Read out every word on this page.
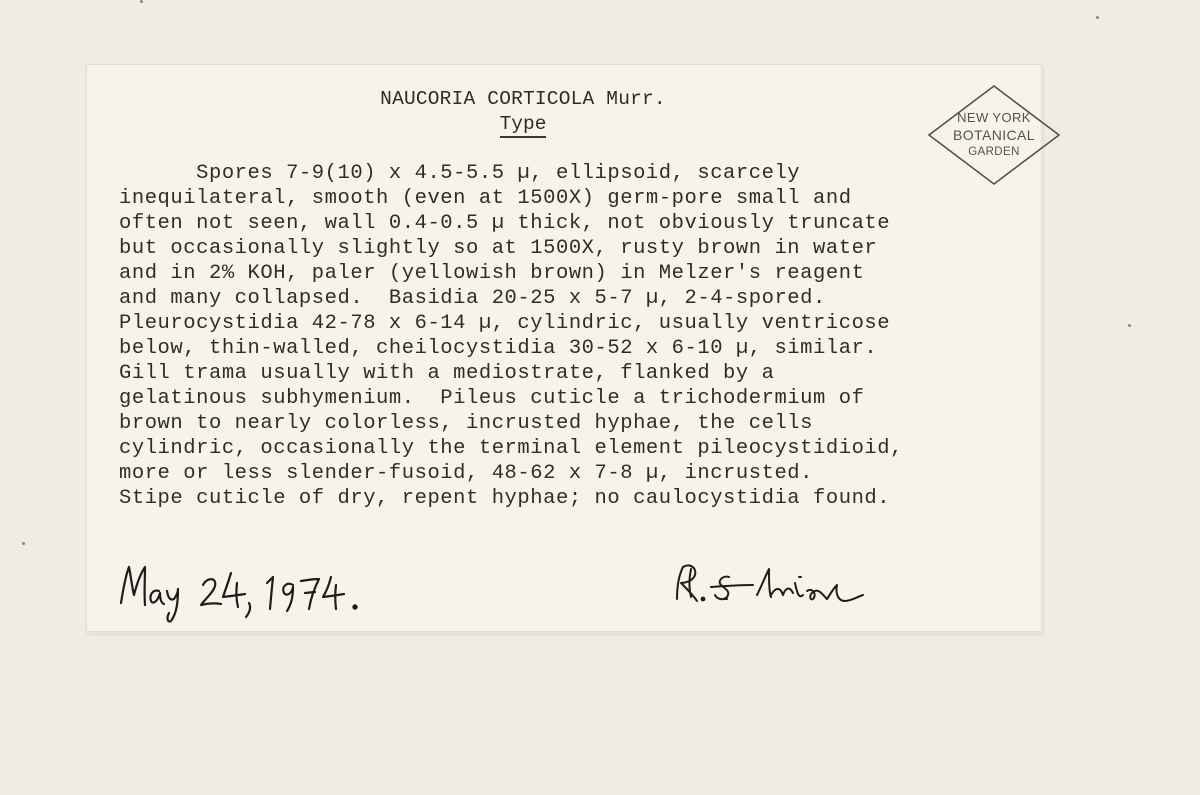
NAUCORIA CORTICOLA Murr.
Type	NEW YORK
BOTANICAL
GARDEN
Spores 7-9(10) x 4.5-5.5 µ, ellipsoid, scarcely
inequilateral, smooth (even at 1500X) germ-pore small and
often not seen, wall 0.4-0.5 µ thick, not obviously truncate
but occasionally slightly so at 1500X, rusty brown in water
and in 2% KOH, paler (yellowish brown) in Melzer's reagent
and many collapsed.  Basidia 20-25 x 5-7 µ, 2-4-spored.
Pleurocystidia 42-78 x 6-14 µ, cylindric, usually ventricose
below, thin-walled, cheilocystidia 30-52 x 6-10 µ, similar.
Gill trama usually with a mediostrate, flanked by a
gelatinous subhymenium.  Pileus cuticle a trichodermium of
brown to nearly colorless, incrusted hyphae, the cells
cylindric, occasionally the terminal element pileocystidioid,
more or less slender-fusoid, 48-62 x 7-8 µ, incrusted.
Stipe cuticle of dry, repent hyphae; no caulocystidia found.
